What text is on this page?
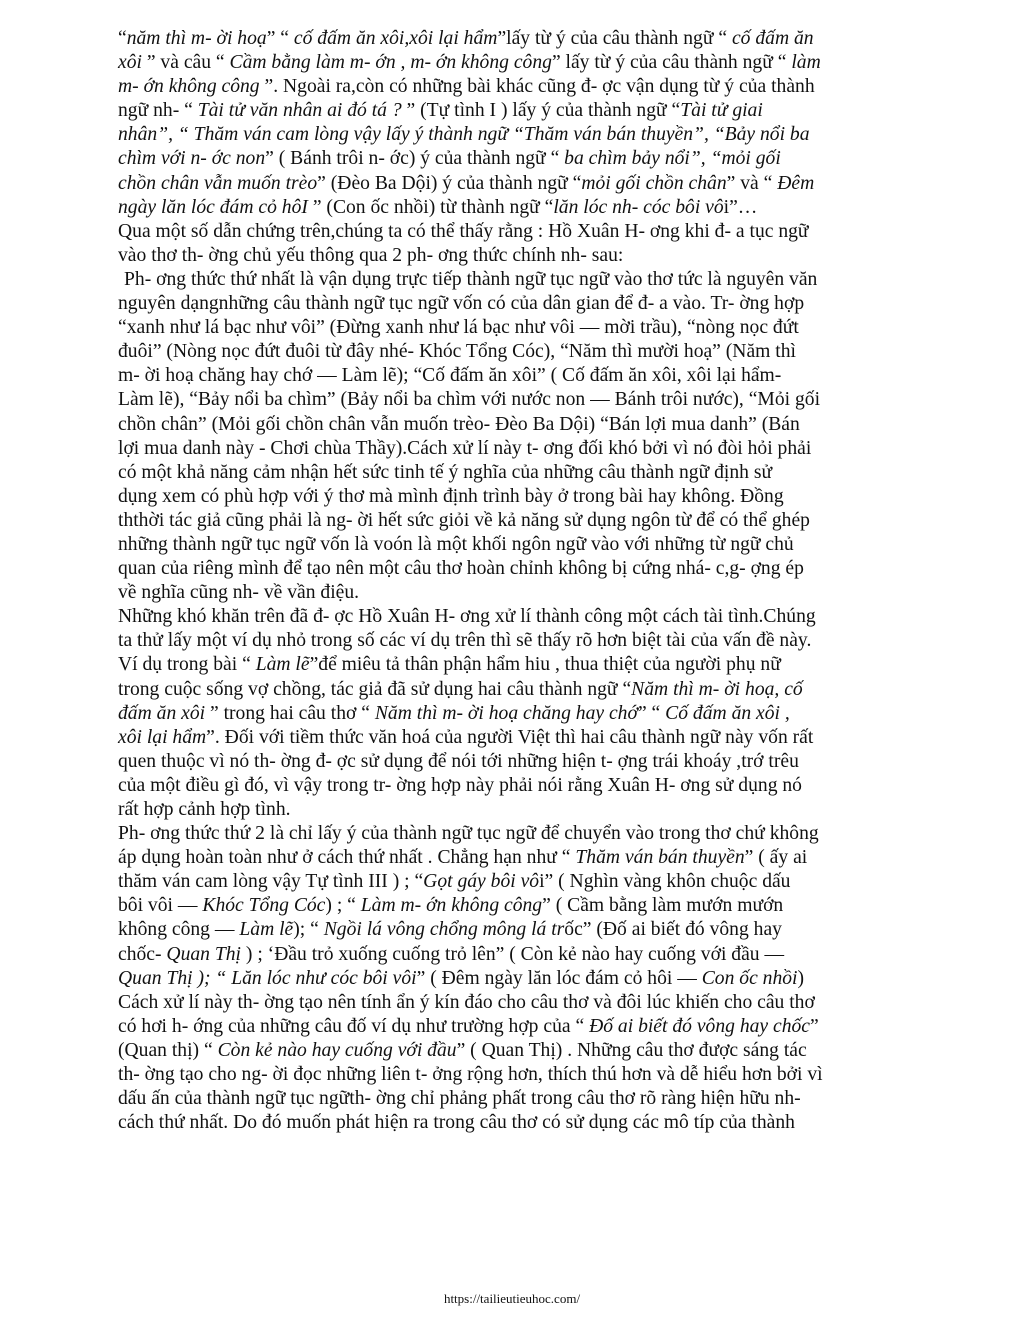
“năm thì m- ời hoạ” “ cố đấm ăn xôi,xôi lại hẩm”lấy từ ý của câu thành ngữ “ cố đấm ăn
xôi ” và câu “ Cầm bằng làm m- ớn , m- ớn không công” lấy từ ý của câu thành ngữ “ làm
m- ớn không công ”. Ngoài ra,còn có những bài khác cũng đ- ợc vận dụng từ ý của thành
ngữ nh- “ Tài tử văn nhân ai đó tá ? ” (Tự tình I ) lấy ý của thành ngữ “Tài tử giai
nhân”, “ Thăm ván cam lòng vậy lấy ý thành ngữ “Thăm ván bán thuyền”, “Bảy nổi ba
chìm với n- ớc non” ( Bánh trôi n- ớc) ý của thành ngữ “ ba chìm bảy nổi”, “mỏi gối
chồn chân vẫn muốn trèo” (Đèo Ba Dội) ý của thành ngữ “mỏi gối chồn chân” và “ Đêm
ngày lăn lóc đám cỏ hôI ” (Con ốc nhồi) từ thành ngữ “lăn lóc nh- cóc bôi vôi”…
Qua một số dẫn chứng trên,chúng ta có thể thấy rằng : Hồ Xuân H- ơng khi đ- a tục ngữ
vào thơ th- ờng chủ yếu thông qua 2 ph- ơng thức chính nh- sau:

Ph- ơng thức thứ nhất là vận dụng trực tiếp thành ngữ tục ngữ vào thơ tức là nguyên văn
nguyên dạngnhững câu thành ngữ tục ngữ vốn có của dân gian để đ- a vào. Tr- ờng hợp
“xanh như lá bạc như vôi” (Đừng xanh như lá bạc như vôi — mời trầu), “nòng nọc đứt
đuôi” (Nòng nọc đứt đuôi từ đây nhé- Khóc Tổng Cóc), “Năm thì mười hoạ” (Năm thì
m- ời hoạ chăng hay chớ — Làm lẽ); “Cố đấm ăn xôi” ( Cố đấm ăn xôi, xôi lại hẩm-
Làm lẽ), “Bảy nổi ba chìm” (Bảy nổi ba chìm với nước non — Bánh trôi nước), “Mỏi gối
chồn chân” (Mỏi gối chồn chân vẫn muốn trèo- Đèo Ba Dội) “Bán lợi mua danh” (Bán
lợi mua danh này - Chơi chùa Thầy).Cách xử lí này t- ơng đối khó bởi vì nó đòi hỏi phải
có một khả năng cảm nhận hết sức tinh tế ý nghĩa của những câu thành ngữ định sử
dụng xem có phù hợp với ý thơ mà mình định trình bày ở trong bài hay không. Đồng
ththời tác giả cũng phải là ng- ời hết sức giỏi về kả năng sử dụng ngôn từ để có thể ghép
những thành ngữ tục ngữ vốn là voón là một khối ngôn ngữ vào với những từ ngữ chủ
quan của riêng mình để tạo nên một câu thơ hoàn chỉnh không bị cứng nhá- c,g- ợng ép
về nghĩa cũng nh- về vần điệu.

Những khó khăn trên đã đ- ợc Hồ Xuân H- ơng xử lí thành công một cách tài tình.Chúng
ta thử lấy một ví dụ nhỏ trong số các ví dụ trên thì sẽ thấy rõ hơn biệt tài của vấn đề này.
Ví dụ trong bài “ Làm lẽ”để miêu tả thân phận hẩm hiu , thua thiệt của người phụ nữ
trong cuộc sống vợ chồng, tác giả đã sử dụng hai câu thành ngữ “Năm thì m- ời hoạ, cố
đấm ăn xôi ” trong hai câu thơ “ Năm thì m- ời hoạ chăng hay chớ” “ Cố đấm ăn xôi ,
xôi lại hẩm”. Đối với tiềm thức văn hoá của người Việt thì hai câu thành ngữ này vốn rất
quen thuộc vì nó th- ờng đ- ợc sử dụng để nói tới những hiện t- ợng trái khoáy ,trớ trêu
của một điều gì đó, vì vậy trong tr- ờng hợp này phải nói rằng Xuân H- ơng sử dụng nó
rất hợp cảnh hợp tình.

Ph- ơng thức thứ 2 là chỉ lấy ý của thành ngữ tục ngữ để chuyển vào trong thơ chứ không
áp dụng hoàn toàn như ở cách thứ nhất . Chẳng hạn như “ Thăm ván bán thuyền” ( ấy ai
thăm ván cam lòng vậy Tự tình III ) ; “Gọt gáy bôi vôi” ( Nghìn vàng khôn chuộc dấu
bôi vôi — Khóc Tổng Cóc) ; “ Làm m- ớn không công” ( Cầm bằng làm mướn mướn
không công — Làm lẽ); “ Ngồi lá vông chổng mông lá trốc” (Đố ai biết đó vông hay
chốc- Quan Thị ) ; ‘Đầu trỏ xuống cuống trỏ lên” ( Còn kẻ nào hay cuống với đầu —
Quan Thị ); “ Lăn lóc như cóc bôi vôi” ( Đêm ngày lăn lóc đám cỏ hôi — Con ốc nhồi)
Cách xử lí này th- ờng tạo nên tính ẩn ý kín đáo cho câu thơ và đôi lúc khiến cho câu thơ
có hơi h- ớng của những câu đố ví dụ như trường hợp của “ Đố ai biết đó vông hay chốc”
(Quan thị) “ Còn kẻ nào hay cuống với đầu” ( Quan Thị) . Những câu thơ được sáng tác
th- ờng tạo cho ng- ời đọc những liên t- ởng rộng hơn, thích thú hơn và dễ hiểu hơn bởi vì
dấu ấn của thành ngữ tục ngữth- ờng chỉ phảng phất trong câu thơ rõ ràng hiện hữu nh-
cách thứ nhất. Do đó muốn phát hiện ra trong câu thơ có sử dụng các mô típ của thành

https://tailieutieuhoc.com/
